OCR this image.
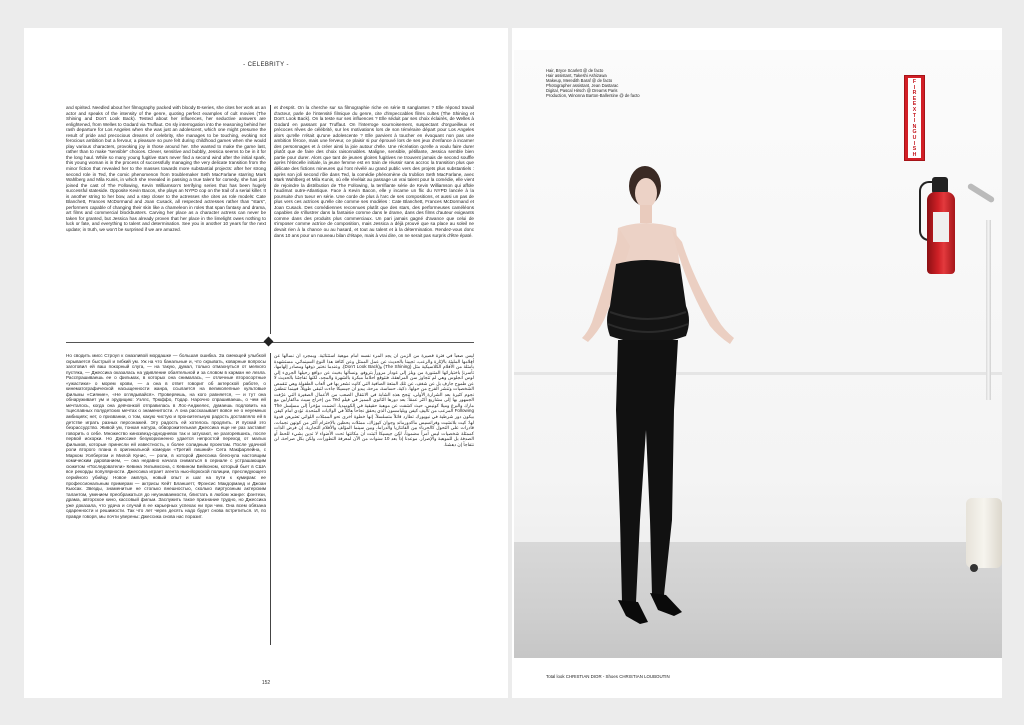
- CELEBRITY -
and spirited. Needled about her filmography packed with bloody B-series, she cites her work as an actor and speaks of the intensity of the genre, quoting perfect examples of cult movies (The Shining and Don't Look Back). Tested about her influences, her seductive answers are enlightened, from Welles to Godard via Truffaut. On sly interrogation into the reasoning behind her rash departure for Los Angeles when she was just an adolescent, which one might presume the result of pride and precocious dreams of celebrity, she manages to be touching, evoking not ferocious ambition but a fervour, a pleasure so pure felt during childhood games when she would play various characters, provoking joy in those around her. She wanted to make the game last, rather than to make "sensible" choices. Clever, sensitive and bubbly, Jessica seems to be in it for the long haul. While so many young fugitive stars never find a second wind after the initial spark, this young woman is in the process of successfully managing the very delicate transition from the minor fiction that revealed her to the masses towards more substantial projects: after her strong second role in Ted, the comic phenomenon from troublemaker Seth MacFarlane starring Mark Wahlberg and Mila Kunis, in which she revealed in passing a true talent for comedy, she has just joined the cast of The Following, Kevin Williamson's terrifying series that has been hugely successful stateside. Opposite Kevin Bacon, she plays an NYPD cop on the trail of a serial killer. It is another string to her bow, and a step closer to the actresses she cites as role models: Cate Blanchett, Frances McDormand and Joan Cusack, all respected actresses rather than "stars", performers capable of changing their skin like a chameleon in roles that span fantasy and drama, art films and commercial blockbusters. Carving her place as a character actress can never be taken for granted, but Jessica has already proven that her place in the limelight owes nothing to luck or fate, and everything to talent and determination. See you in another 10 years for the next update; in truth, we won't be surprised if we are amazed.
et d'esprit. On la cherche sur sa filmographie riche en série B sanglantes ? Elle répond travail d'acteur, parle de l'intensité filmique du genre, cite d'impeccables films cultes (The Shining et Don't Look Back). On la teste sur ses influences ? Elle séduit par ses choix éclairés, de Welles à Godard en passant par Truffaut. On l'interroge sournoisement, suspectant d'orgueilleux et précoces rêves de célébrité, sur les motivations lors de son téméraire départ pour Los Angeles alors qu'elle n'était qu'une adolescente ? Elle parvient à toucher en évoquant non pas une ambition féroce, mais une ferveur, ce plaisir si pur éprouvé lors de ses jeux d'enfance à incarner des personnages et à créer ainsi la joie autour d'elle. Une récréation qu'elle a voulu faire durer plutôt que de faire des choix raisonnables. Maligne, sensible, pétillante, Jessica semble bien partie pour durer. Alors que tant de jeunes gloires fugitives ne trouvent jamais de second souffle après l'étincelle initiale, la jeune femme est en train de réussir sans accroc la transition plus que délicate des fictions mineures qui l'ont révélé au grand public vers des projets plus substantiels : après son joli second rôle dans Ted, la comédie phénomène du trublion Seth MacFarlane, avec Mark Wahlberg et Mila Kunis, où elle révélait au passage un vrai talent pour la comédie, elle vient de rejoindre la distribution de The Following, la terrifiante série de Kevin Williamson qui affole l'audimat outre-Atlantique. Face à Kevin Bacon, elle y incarne un flic du NYPD lancée à la poursuite d'un tueur en série. Une corde de plus à l'arc de ses compositions, et aussi un pas de plus vers ces actrices qu'elle cite comme ses modèles : Cate Blanchett, Frances McDormand et Joan Cusack. Des comédiennes reconnues plutôt que des stars, des performeuses caméléons capables de s'illustrer dans la fantaisie comme dans le drame, dans des films d'auteur exigeants comme dans des produits plus commerciaux. Un pari jamais gagné d'avance que celui de s'imposer comme actrice de composition, mais Jessica a déjà prouvé que sa place au soleil ne devait rien à la chance ou au hasard, et tout au talent et à la détermination. Rendez-vous donc dans 10 ans pour un nouveau bilan d'étape, mais à vrai dire, on ne serait pas surpris d'être épaté.
Но сводить мисс Строул к смазливой мордашке — большая ошибка. За смеющей улыбкой скрывается быстрый и гибкий ум. Уж на что банальные и, что скрывать, коварные вопросы заготовил ей ваш покорный слуга, — на такую, думал, только отмахнуться от мелкого пустяка, — Джессика оказалась на удивление обаятельной и за словом в карман не лезла. Расспрашиваешь ее о фильмах, в которых она снималась, — отличные второсортные «ужастики» о морем крови, — а она в ответ говорит об актерской работе, о кинематографической насыщенности жанра, ссылается на великолепные культовые фильмы «Сияние», «Не оглядывайся». Проверяешь, на кого равняется, — и тут она обнаруживает ум и эрудицию: Уэллс, Трюффо, Годар. Нарочно спрашиваешь, о чем ей мечталось, когда она девчонкой отправилась в Лос-Анджелес, думаешь подловить на тщеславных полудетских мечтах о знаменитости. А она рассказывает вовсе не о неуемных амбициях; нет, о призвании, о том, какую чистую и пронзительную радость доставляло ей в детстве играть разных персонажей. Эту радость ей хотелось продлить. И пускай это безрассудство. Живой ум, тонкая натура, обворожительная Джессика еще не раз заставит говорить о себе. Множество кинозвезд-однодневок так и затухают, не разгоревшись, после первой искорки. Но Джессике безукоризненно удается непростой переход от малых фильмов, которые принесли ей известность, к более солидным проектам. После удачной роли второго плана в оригинальной комедии «Третий лишний» Сета Макфарлейна, с Марком Уолбергом и Милой Кунис, — роли, в которой Джессика блеснула настоящим комическим дарованием, — она недавно начала сниматься в сериале с устрашающим сюжетом «Последователи» Кевина Уильямсона, с Кевином Бейконом, который бьет в США все рекорды популярности. Джессика играет агента нью-йоркской полиции, преследующего серийного убийцу. Новое амплуа, новый опыт и шаг на пути к кумирам: ее профессиональным примерам — актрисы Кейт Бланшетт, Фрэнсис Макдорманд и Джоан Кьюсак. Звезды, знаменитые не столько внешностью, сколько виртуозным актерским талантом, умением преображаться до неузнаваемости, блистать в любом жанре: фэнтези, драма, авторское кино, кассовый фильм. Заслужить такое признание трудно, но Джессика уже доказала, что удача и случай в ее карьерных успехах ни при чем. Она всем обязана одаренности и решимости. Так что лет через десять надо будет снова встретиться. И, по правде говоря, мы почти уверены: Джессика снова нас поразит.
ليس صعباً في فترة قصيرة من الزمن أن يجد المرء نفسه أمام موهبة استثنائية. وبمجرد أن نسألها عن أفلامها المليئة بالإثارة والرعب، تجيبنا بالحديث عن عمل الممثل وعن كثافة هذا النوع السينمائي، مستشهدة بأمثلة من الأفلام الكلاسيكية مثل (The Shining) و(Don't Look Back). وعندما نختبر ذوقها ومصادر إلهامها، تأسرنا باختياراتها المتنورة من ويلز إلى غودار مروراً بتروفو. ونسألها بخبث عن دوافع رحيلها الجريء إلى لوس أنجلوس وهي لم تتجاوز سن المراهقة، فنتوقع أحلاماً مبكرة بالشهرة والمجد، لكنها تفاجئنا بالحديث لا عن طموح جارف بل عن شغف، عن تلك المتعة الصافية التي كانت تشعر بها في ألعاب الطفولة وهي تتقمص الشخصيات وتنشر الفرح من حولها. ذكية، حساسة، مرحة، يبدو أن جيسيكا جاءت لتبقى طويلاً. فبينما تنطفئ نجوم كثيرة بعد الشرارة الأولى، تنجح هذه الشابة في الانتقال الصعب من الأعمال الصغيرة التي عرّفت الجمهور بها إلى مشاريع أكثر عمقاً: بعد دورها الثانوي المميز في فيلم Ted من إخراج سيث ماكفارلين مع مارك والبرغ وميلا كونيس، حيث كشفت عن موهبة حقيقية في الكوميديا، انضمت مؤخراً إلى مسلسل The Following المرعب من تأليف كيفن ويليامسون الذي يحقق نجاحاً هائلاً في الولايات المتحدة. تؤدي أمام كيفن بيكون دور شرطية في نيويورك تطارد قاتلاً متسلسلاً. إنها خطوة أخرى نحو الممثلات اللواتي تعتبرهن قدوة لها: كيت بلانشيت وفرانسيس ماكدورماند وجوان كيوزاك، ممثلات يحظين بالاحترام أكثر من كونهن نجمات، قادرات على التحول كالحرباء بين الفانتازيا والدراما، وبين سينما المؤلف والأفلام التجارية. إن فرض الذات كممثلة شخصيات ليس أمراً مضموناً، لكن جيسيكا أثبتت أن مكانتها تحت الأضواء لا تدين بشيء للحظ أو الصدفة بل للموهبة والإصرار. موعدنا إذاً بعد 10 سنوات من الآن لمعرفة التطورات، ولكن بكل صراحة، لن نتفاجأ إن دهشنا.
152
F
I
R
E
E
X
T
I
N
G
U
I
S
H
Hair, Bryce Scarlett @ de facto
Hair assistant, Takeshi Ashizawa
Makeup, Meredith Baraf @ de facto
Photographer assistant, Jean Dastarac
Digital, Pascal Hirsch @ Dreams Paris
Production, Winonna Barton-Ballentine @ de facto
Total look CHRISTIAN DIOR - Shoes CHRISTIAN LOUBOUTIN
